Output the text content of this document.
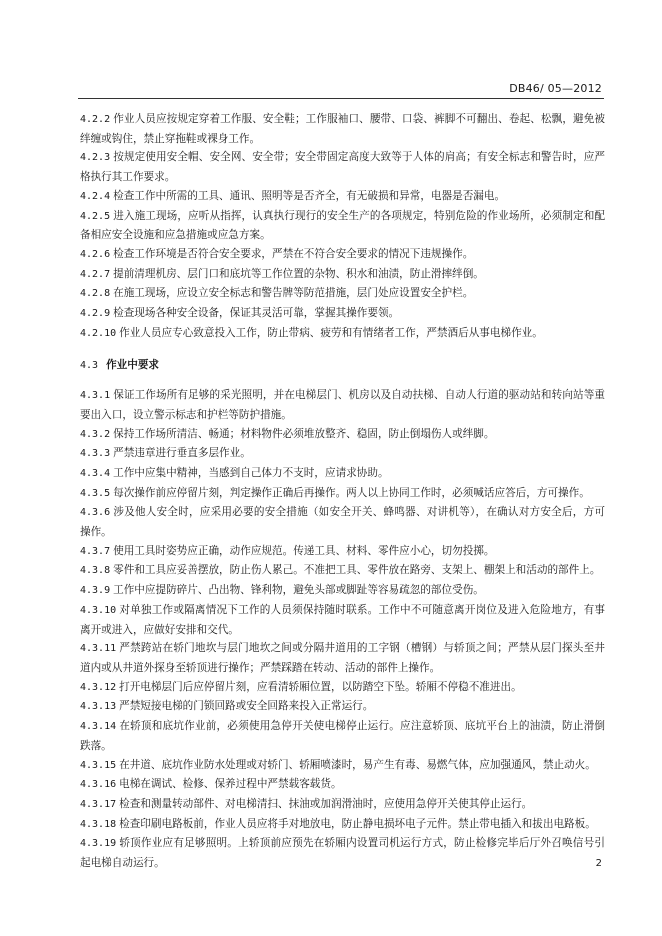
DB46/ 05—2012

4.2.2 作业人员应按规定穿着工作服、安全鞋；工作服袖口、腰带、口袋、裤脚不可翻出、卷起、松飘，避免被绊缠或钩住，禁止穿拖鞋或裸身工作。

4.2.3 按规定使用安全帽、安全网、安全带；安全带固定高度大致等于人体的肩高；有安全标志和警告时，应严格执行其工作要求。

4.2.4 检查工作中所需的工具、通讯、照明等是否齐全，有无破损和异常，电器是否漏电。

4.2.5 进入施工现场，应听从指挥，认真执行现行的安全生产的各项规定，特别危险的作业场所，必须制定和配备相应安全设施和应急措施或应急方案。

4.2.6 检查工作环境是否符合安全要求，严禁在不符合安全要求的情况下违规操作。

4.2.7 提前清理机房、层门口和底坑等工作位置的杂物、积水和油渍，防止滑摔绊倒。

4.2.8 在施工现场，应设立安全标志和警告牌等防范措施，层门处应设置安全护栏。

4.2.9 检查现场各种安全设备，保证其灵活可靠，掌握其操作要领。

4.2.10 作业人员应专心致意投入工作，防止带病、疲劳和有情绪者工作，严禁酒后从事电梯作业。

4.3 作业中要求

4.3.1 保证工作场所有足够的采光照明，并在电梯层门、机房以及自动扶梯、自动人行道的驱动站和转向站等重要出入口，设立警示标志和护栏等防护措施。

4.3.2 保持工作场所清洁、畅通；材料物件必须堆放整齐、稳固，防止倒塌伤人或绊脚。

4.3.3 严禁违章进行垂直多层作业。

4.3.4 工作中应集中精神，当感到自己体力不支时，应请求协助。

4.3.5 每次操作前应停留片刻，判定操作正确后再操作。两人以上协同工作时，必须喊话应答后，方可操作。

4.3.6 涉及他人安全时，应采用必要的安全措施（如安全开关、蜂鸣器、对讲机等），在确认对方安全后，方可操作。

4.3.7 使用工具时姿势应正确，动作应规范。传递工具、材料、零件应小心，切勿投掷。

4.3.8 零件和工具应妥善摆放，防止伤人累己。不准把工具、零件放在路旁、支架上、棚架上和活动的部件上。

4.3.9 工作中应提防碎片、凸出物、锋利物，避免头部或脚趾等容易疏忽的部位受伤。

4.3.10 对单独工作或隔离情况下工作的人员须保持随时联系。工作中不可随意离开岗位及进入危险地方，有事离开或进入，应做好安排和交代。

4.3.11 严禁跨站在轿门地坎与层门地坎之间或分隔井道用的工字钢（槽钢）与轿顶之间；严禁从层门探头至井道内或从井道外探身至轿顶进行操作；严禁踩踏在转动、活动的部件上操作。

4.3.12 打开电梯层门后应停留片刻，应看清轿厢位置，以防踏空下坠。轿厢不停稳不准进出。

4.3.13 严禁短接电梯的门锁回路或安全回路来投入正常运行。

4.3.14 在轿顶和底坑作业前，必须使用急停开关使电梯停止运行。应注意轿顶、底坑平台上的油渍，防止滑倒跌落。

4.3.15 在井道、底坑作业防水处理或对轿门、轿厢喷漆时，易产生有毒、易燃气体，应加强通风，禁止动火。

4.3.16 电梯在调试、检修、保养过程中严禁载客载货。

4.3.17 检查和测量转动部件、对电梯清扫、抹油或加润滑油时，应使用急停开关使其停止运行。

4.3.18 检查印刷电路板前，作业人员应将手对地放电，防止静电损坏电子元件。禁止带电插入和拔出电路板。

4.3.19 轿顶作业应有足够照明。上轿顶前应预先在轿厢内设置司机运行方式，防止检修完毕后厅外召唤信号引起电梯自动运行。	2
